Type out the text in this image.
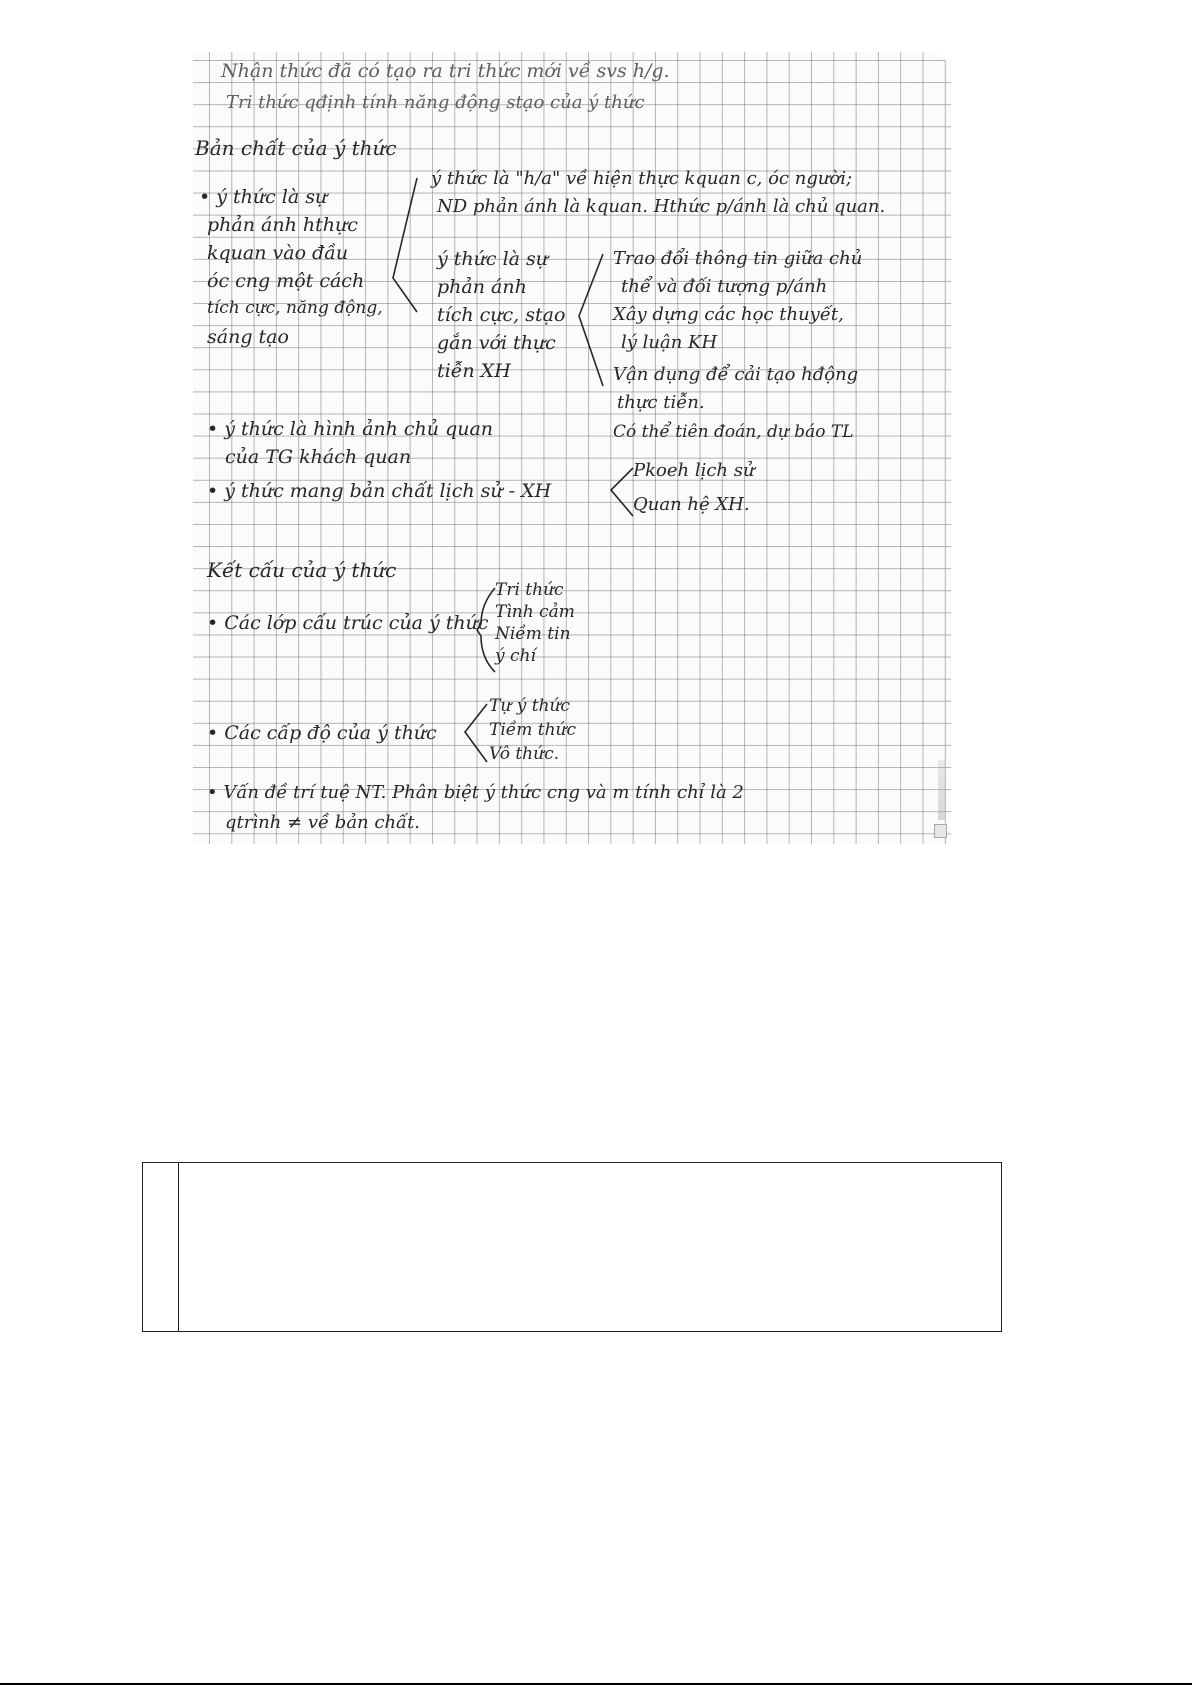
Nhận thức đã có tạo ra tri thức mới về svs h/g.

Tri thức qđịnh tính năng động stạo của ý thức

Bản chất của ý thức

• ý thức là sự

phản ánh hthực

kquan vào đầu

óc cng một cách

tích cực, năng động,

sáng tạo

ý thức là "h/a" về hiện thực kquan c, óc người;

ND phản ánh là kquan. Hthức p/ánh là chủ quan.

ý thức là sự

phản ánh

tích cực, stạo

gắn với thực

tiễn XH

Trao đổi thông tin giữa chủ

thể và đối tượng p/ánh

Xây dựng các học thuyết,

lý luận KH

Vận dụng để cải tạo hđộng

thực tiễn.

• ý thức là hình ảnh chủ quan

của TG khách quan

Có thể tiên đoán, dự báo TL

• ý thức mang bản chất lịch sử - XH

Pkoeh lịch sử

Quan hệ XH.

Kết cấu của ý thức

• Các lớp cấu trúc của ý thức

Tri thức

Tình cảm

Niềm tin

ý chí

• Các cấp độ của ý thức

Tự ý thức

Tiềm thức

Vô thức.

• Vấn đề trí tuệ NT. Phân biệt ý thức cng và m tính chỉ là 2

qtrình ≠ về bản chất.
